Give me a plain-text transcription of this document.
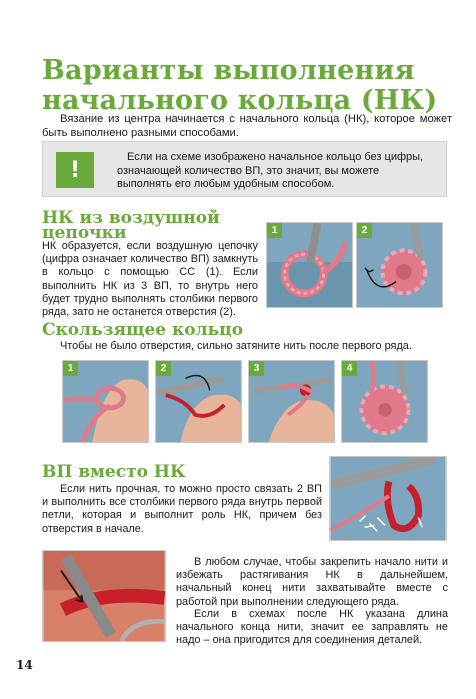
Варианты выполнения
начального кольца (НК)
Вязание из центра начинается с начального кольца (НК), которое может быть выполнено разными способами.
!
Если на схеме изображено начальное кольцо без цифры, означающей количество ВП, это значит, вы можете выполнять его любым удобным способом.
НК из воздушной
цепочки
НК образуется, если воздушную цепочку (цифра означает количество ВП) замкнуть в кольцо с помощью СС (1). Если выполнить НК из 3 ВП, то внутрь него будет трудно выполнять столбики первого ряда, зато не останется отверстия (2).
1	2
Скользящее кольцо
Чтобы не было отверстия, сильно затяните нить после первого ряда.
1	2	3	4
ВП вместо НК
Если нить прочная, то можно просто связать 2 ВП и выполнить все столбики первого ряда внутрь первой петли, которая и выполнит роль НК, причем без отверстия в начале.
В любом случае, чтобы закрепить начало нити и избежать растягивания НК в дальнейшем, начальный конец нити захватывайте вместе с работой при выполнении следующего ряда.
Если в схемах после НК указана длина начального конца нити, значит ее заправлять не надо – она пригодится для соединения деталей.
14
